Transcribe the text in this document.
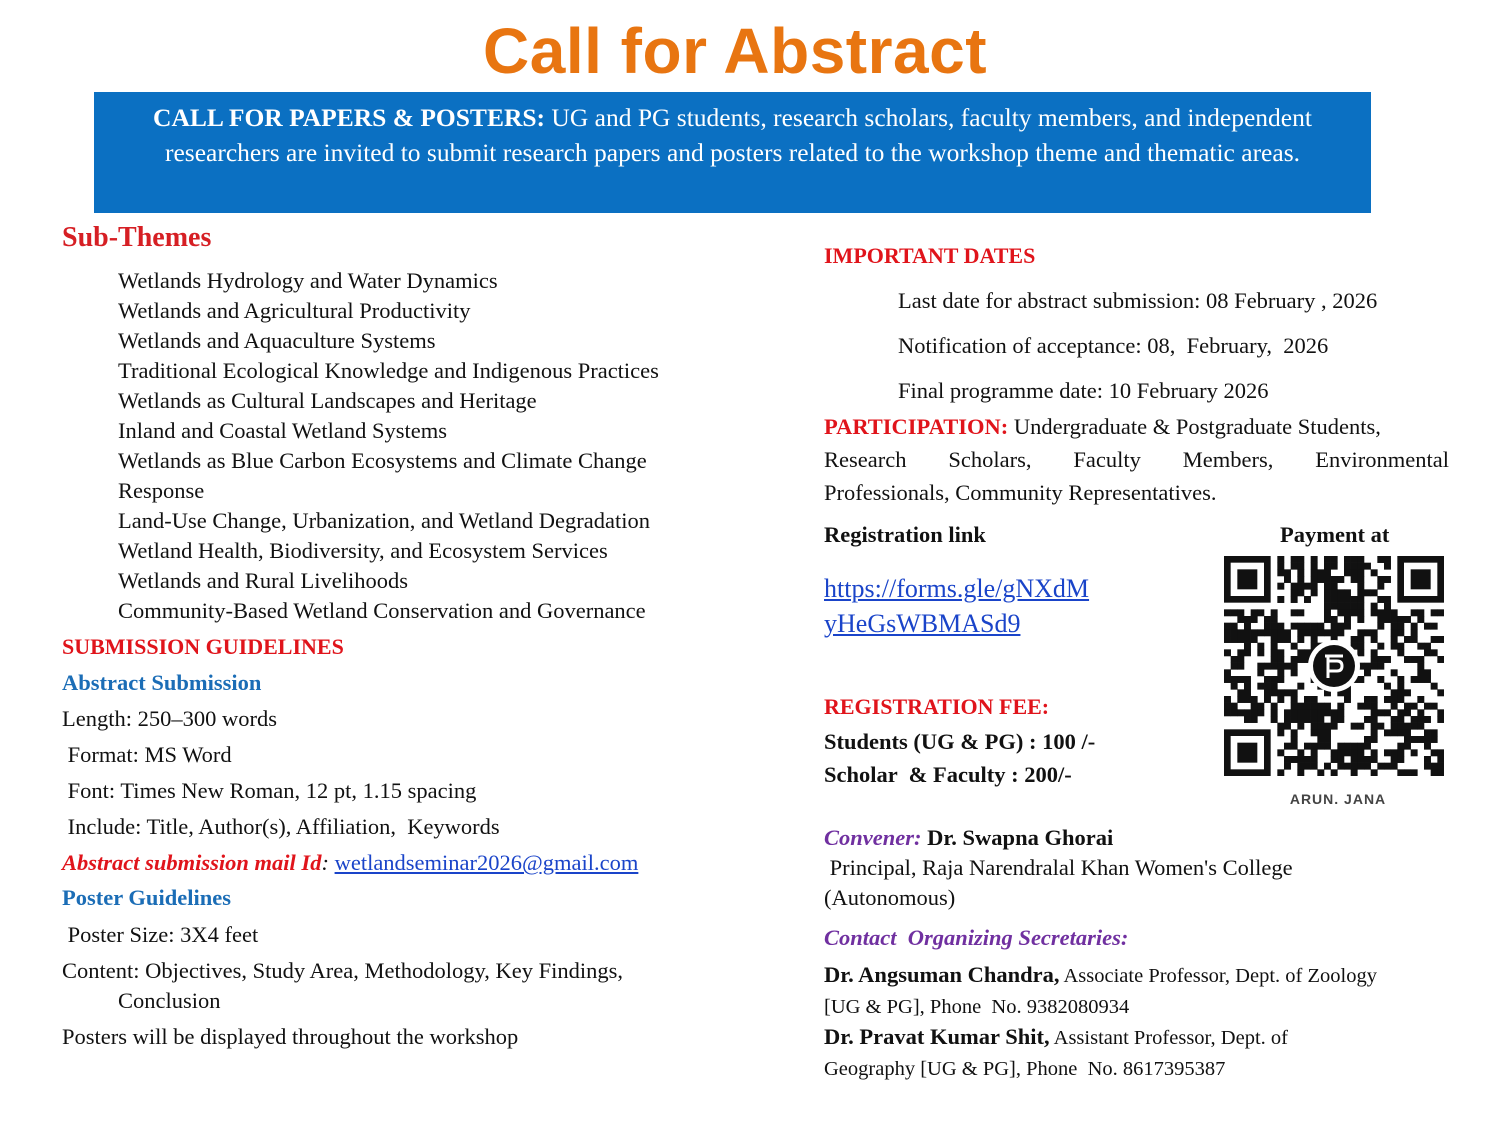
Call for Abstract
CALL FOR PAPERS & POSTERS: UG and PG students, research scholars, faculty members, and independent researchers are invited to submit research papers and posters related to the workshop theme and thematic areas.
Sub-Themes
Wetlands Hydrology and Water Dynamics
Wetlands and Agricultural Productivity
Wetlands and Aquaculture Systems
Traditional Ecological Knowledge and Indigenous Practices
Wetlands as Cultural Landscapes and Heritage
Inland and Coastal Wetland Systems
Wetlands as Blue Carbon Ecosystems and Climate Change
Response
Land-Use Change, Urbanization, and Wetland Degradation
Wetland Health, Biodiversity, and Ecosystem Services
Wetlands and Rural Livelihoods
Community-Based Wetland Conservation and Governance
SUBMISSION GUIDELINES
Abstract Submission
Length: 250–300 words
Format: MS Word
Font: Times New Roman, 12 pt, 1.15 spacing
Include: Title, Author(s), Affiliation,  Keywords
Abstract submission mail Id: wetlandseminar2026@gmail.com
Poster Guidelines
Poster Size: 3X4 feet
Content: Objectives, Study Area, Methodology, Key Findings,
Conclusion
Posters will be displayed throughout the workshop
IMPORTANT DATES
Last date for abstract submission: 08 February , 2026
Notification of acceptance: 08,  February,  2026
Final programme date: 10 February 2026
PARTICIPATION: Undergraduate & Postgraduate Students,
Research Scholars, Faculty Members, Environmental
Professionals, Community Representatives.
Registration link	Payment at
https://forms.gle/gNXdM
yHeGsWBMASd9
ARUN. JANA
REGISTRATION FEE:
Students (UG & PG) : 100 /-
Scholar  & Faculty : 200/-
Convener: Dr. Swapna Ghorai
Principal, Raja Narendralal Khan Women's College
(Autonomous)
Contact  Organizing Secretaries:
Dr. Angsuman Chandra, Associate Professor, Dept. of Zoology
[UG & PG], Phone  No. 9382080934
Dr. Pravat Kumar Shit, Assistant Professor, Dept. of
Geography [UG & PG], Phone  No. 8617395387
